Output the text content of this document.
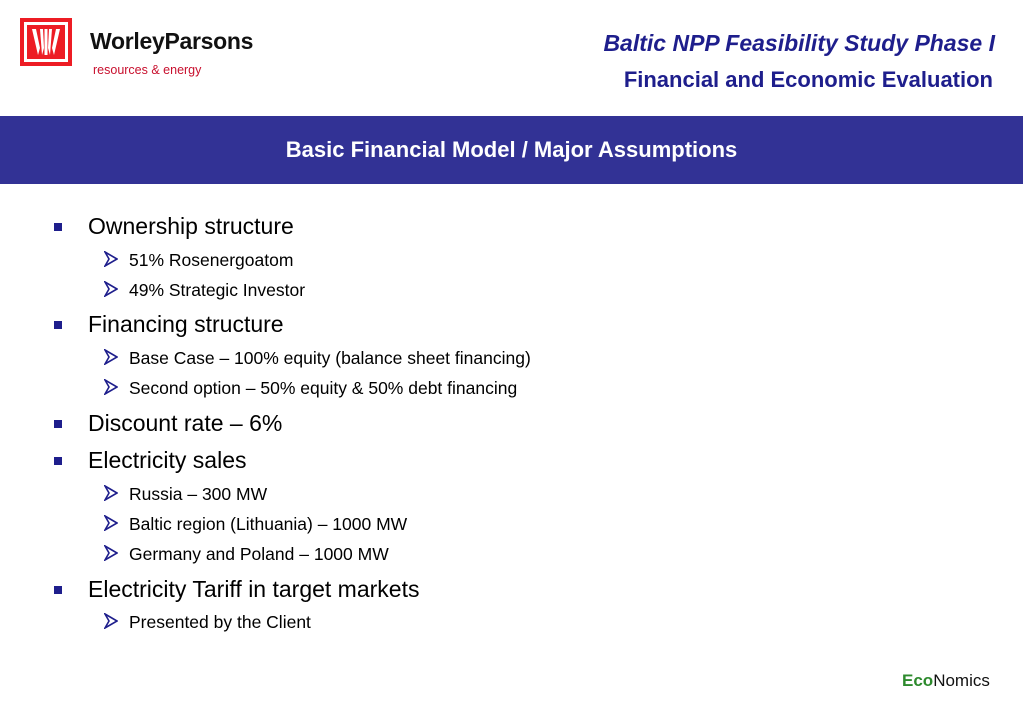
WorleyParsons
resources & energy
Baltic NPP Feasibility Study Phase I
Financial and Economic Evaluation
Basic Financial Model / Major Assumptions
Ownership structure
51% Rosenergoatom
49% Strategic Investor
Financing structure
Base Case – 100% equity (balance sheet financing)
Second option – 50% equity & 50% debt financing
Discount rate – 6%
Electricity sales
Russia – 300 MW
Baltic region (Lithuania) – 1000 MW
Germany and Poland – 1000 MW
Electricity Tariff in target markets
Presented by the Client
EcoNomics
